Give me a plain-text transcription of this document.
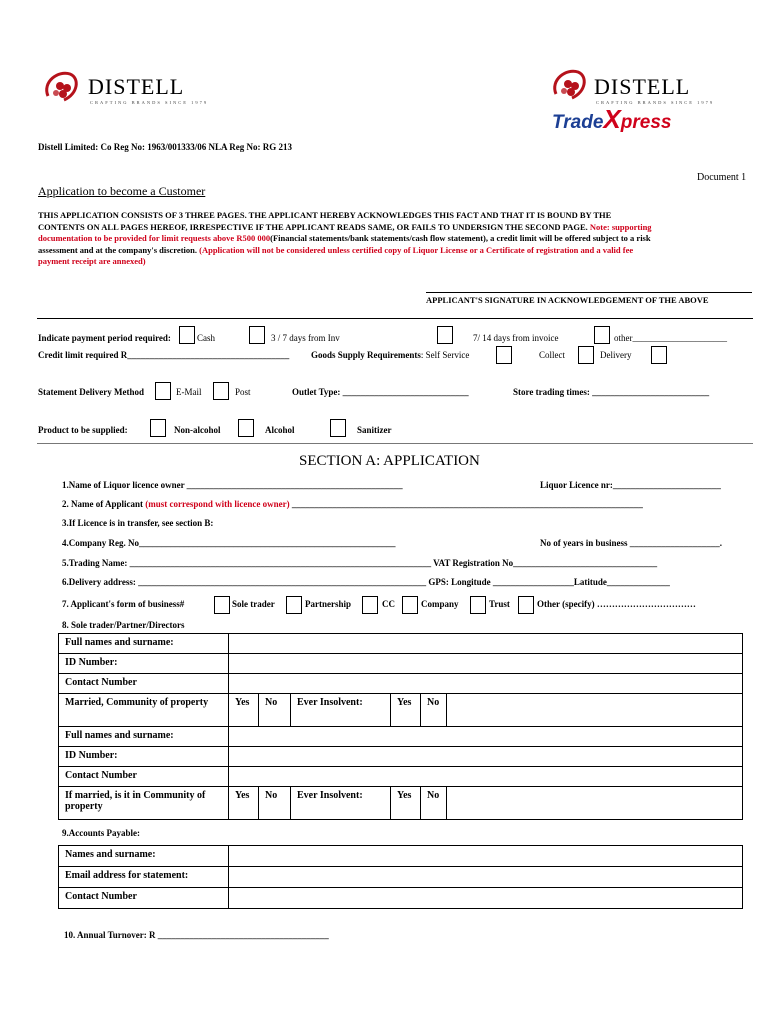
DISTELL
CRAFTING BRANDS SINCE 1979
DISTELL
CRAFTING BRANDS SINCE 1979
TradeXpress
Distell Limited: Co Reg No: 1963/001333/06 NLA Reg No: RG 213
Document 1
Application to become a Customer
THIS APPLICATION CONSISTS OF 3 THREE PAGES. THE APPLICANT HEREBY ACKNOWLEDGES THIS FACT AND THAT IT IS BOUND BY THE
CONTENTS ON ALL PAGES HEREOF, IRRESPECTIVE IF THE APPLICANT READS SAME, OR FAILS TO UNDERSIGN THE SECOND PAGE. Note: supporting
documentation to be provided for limit requests above R500 000(Financial statements/bank statements/cash flow statement), a credit limit will be offered subject to a risk
assessment and at the company's discretion. (Application will not be considered unless certified copy of Liquor License or a Certificate of registration and a valid fee
payment receipt are annexed)
APPLICANT'S SIGNATURE IN ACKNOWLEDGEMENT OF THE ABOVE
Indicate payment period required:	Cash	3 / 7 days from Inv	7/ 14 days from invoice	other_____________________
Credit limit required R____________________________________ Goods Supply Requirements: Self Service	Collect	Delivery
Statement Delivery Method	E-Mail	Post	Outlet Type: ____________________________	Store trading times: __________________________
Product to be supplied:	Non-alcohol	Alcohol	Sanitizer
SECTION A: APPLICATION
1.Name of Liquor licence owner ________________________________________________	Liquor Licence nr:________________________
2. Name of Applicant (must correspond with licence owner) ______________________________________________________________________________
3.If Licence is in transfer, see section B:
4.Company Reg. No_________________________________________________________	No of years in business ____________________.
5.Trading Name: ___________________________________________________________________ VAT Registration No________________________________
6.Delivery address: ________________________________________________________________ GPS: Longitude __________________Latitude______________
7. Applicant's form of business#	Sole trader	Partnership	CC	Company	Trust	Other (specify) ……………………………
8. Sole trader/Partner/Directors
Full names and surname:						
ID Number:						
Contact Number						
Married, Community of property	Yes	No	Ever Insolvent:	Yes	No	
Full names and surname:						
ID Number:						
Contact Number						
If married, is it in Community of property	Yes	No	Ever Insolvent:	Yes	No	
9.Accounts Payable:
Names and surname:	
Email address for statement:	
Contact Number	
10. Annual Turnover: R ______________________________________
